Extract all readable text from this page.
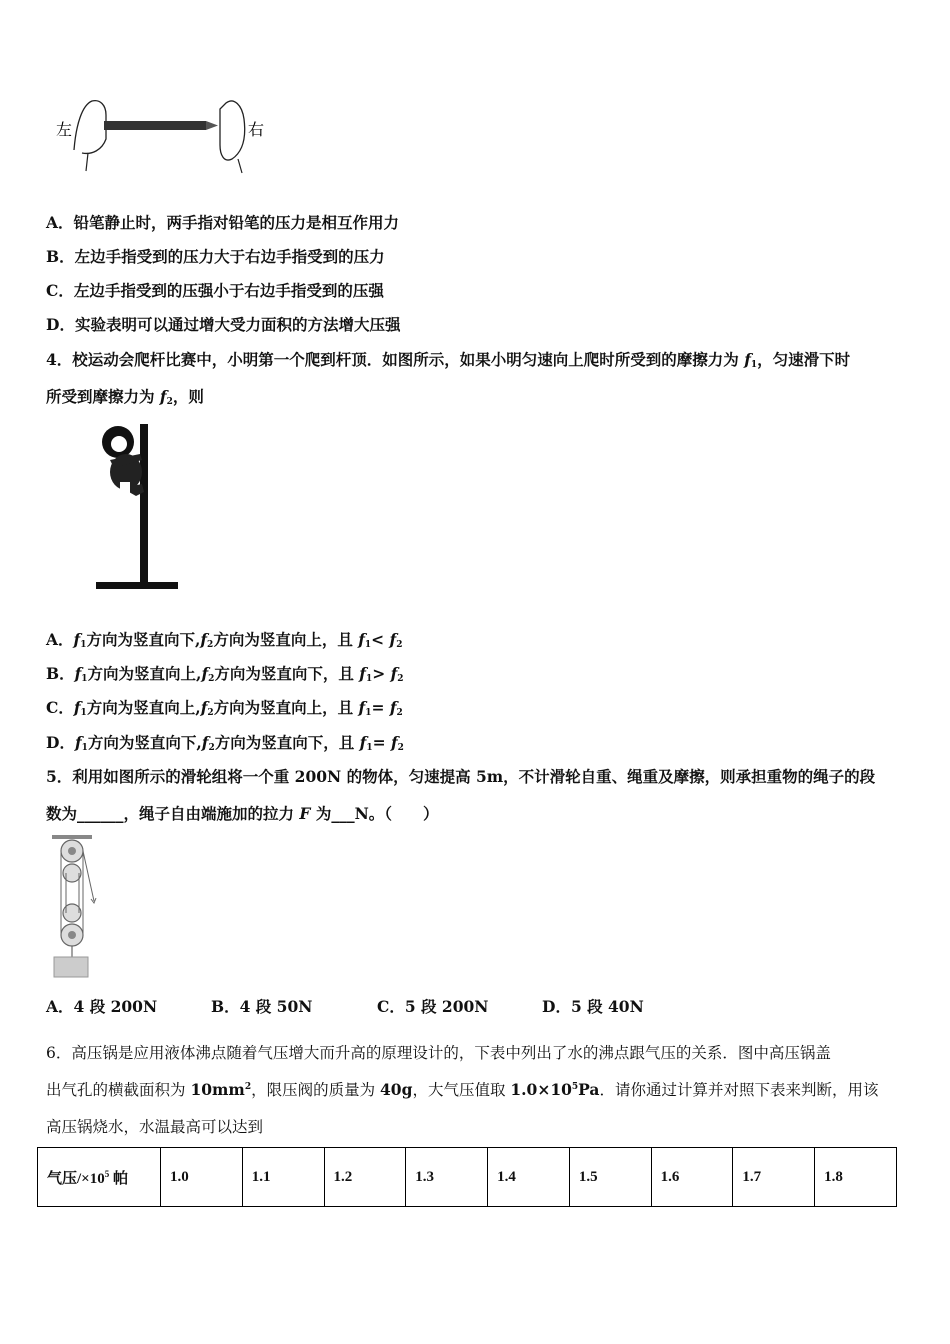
左	右
A．铅笔静止时，两手指对铅笔的压力是相互作用力
B．左边手指受到的压力大于右边手指受到的压力
C．左边手指受到的压强小于右边手指受到的压强
D．实验表明可以通过增大受力面积的方法增大压强
4．校运动会爬杆比赛中，小明第一个爬到杆顶．如图所示，如果小明匀速向上爬时所受到的摩擦力为 $f_1$，匀速滑下时
所受到摩擦力为 $f_2$，则
A．$f_1$方向为竖直向下$,f_2$方向为竖直向上，且 $f_1< f_2$
B．$f_1$方向为竖直向上$,f_2$方向为竖直向下，且 $f_1> f_2$
C．$f_1$方向为竖直向上$,f_2$方向为竖直向上，且 $f_1= f_2$
D．$f_1$方向为竖直向下$,f_2$方向为竖直向下，且 $f_1= f_2$
5．利用如图所示的滑轮组将一个重 200N 的物体，匀速提高 5m，不计滑轮自重、绳重及摩擦，则承担重物的绳子的段
数为______，绳子自由端施加的拉力 F 为___N。（　　）
A．4 段 200N	B．4 段 50N	C．5 段 200N	D．5 段 40N
6．高压锅是应用液体沸点随着气压增大而升高的原理设计的，下表中列出了水的沸点跟气压的关系．图中高压锅盖
出气孔的横截面积为 $10mm^2$，限压阀的质量为 40g，大气压值取 $1.0\times 10^5Pa$．请你通过计算并对照下表来判断，用该
高压锅烧水，水温最高可以达到
气压$/\times 10^5$ 帕	1.0	1.1	1.2	1.3	1.4	1.5	1.6	1.7	1.8
